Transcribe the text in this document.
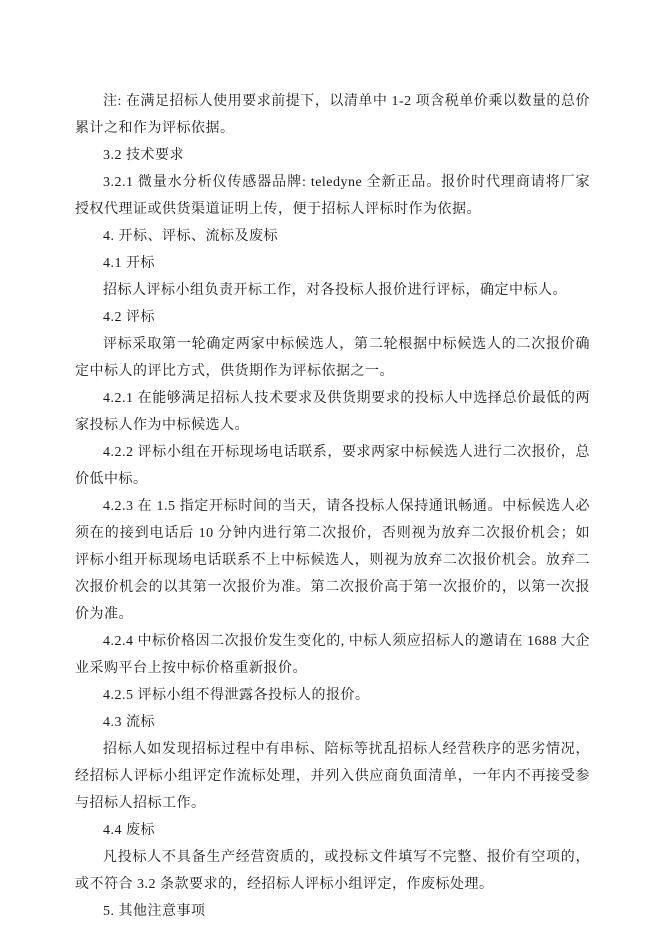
注: 在满足招标人使用要求前提下，以清单中 1-2 项含税单价乘以数量的总价累计之和作为评标依据。

3.2 技术要求

3.2.1 微量水分析仪传感器品牌: teledyne 全新正品。报价时代理商请将厂家授权代理证或供货渠道证明上传，便于招标人评标时作为依据。

4. 开标、评标、流标及废标

4.1 开标

招标人评标小组负责开标工作，对各投标人报价进行评标，确定中标人。

4.2 评标

评标采取第一轮确定两家中标候选人，第二轮根据中标候选人的二次报价确定中标人的评比方式，供货期作为评标依据之一。

4.2.1 在能够满足招标人技术要求及供货期要求的投标人中选择总价最低的两家投标人作为中标候选人。

4.2.2 评标小组在开标现场电话联系，要求两家中标候选人进行二次报价，总价低中标。

4.2.3 在 1.5 指定开标时间的当天，请各投标人保持通讯畅通。中标候选人必须在的接到电话后 10 分钟内进行第二次报价，否则视为放弃二次报价机会；如评标小组开标现场电话联系不上中标候选人，则视为放弃二次报价机会。放弃二次报价机会的以其第一次报价为准。第二次报价高于第一次报价的，以第一次报价为准。

4.2.4 中标价格因二次报价发生变化的, 中标人须应招标人的邀请在 1688 大企业采购平台上按中标价格重新报价。

4.2.5 评标小组不得泄露各投标人的报价。

4.3 流标

招标人如发现招标过程中有串标、陪标等扰乱招标人经营秩序的恶劣情况，经招标人评标小组评定作流标处理，并列入供应商负面清单，一年内不再接受参与招标人招标工作。

4.4 废标

凡投标人不具备生产经营资质的，或投标文件填写不完整、报价有空项的，或不符合 3.2 条款要求的，经招标人评标小组评定，作废标处理。

5. 其他注意事项
